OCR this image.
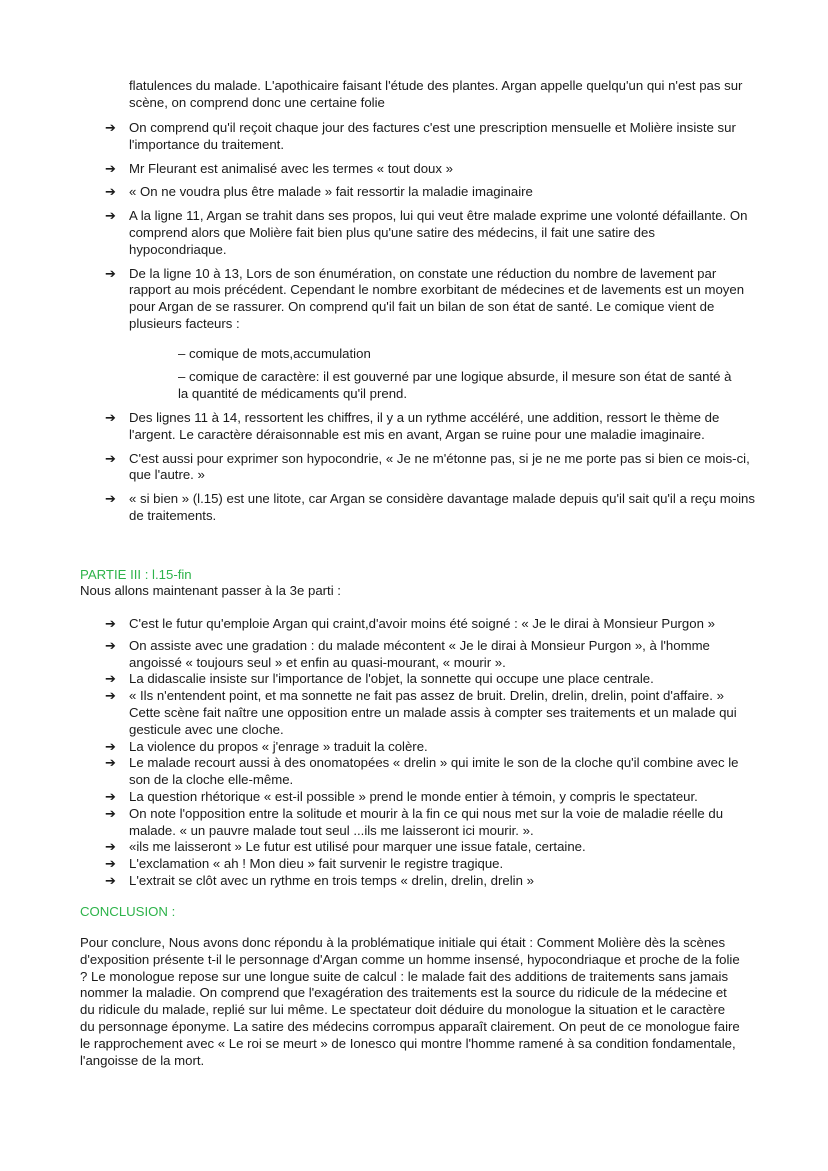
flatulences du malade. L'apothicaire faisant l'étude des plantes. Argan appelle quelqu'un qui n'est pas sur scène, on comprend donc une certaine folie
➔ On comprend qu'il reçoit chaque jour des factures c'est une prescription mensuelle et Molière insiste sur l'importance du traitement.
➔ Mr Fleurant est animalisé avec les termes « tout doux »
➔ « On ne voudra plus être malade » fait ressortir la maladie imaginaire
➔ A la ligne 11, Argan se trahit dans ses propos, lui qui veut être malade exprime une volonté défaillante. On comprend alors que Molière fait bien plus qu'une satire des médecins, il fait une satire des hypocondriaque.
➔ De la ligne 10 à 13, Lors de son énumération, on constate une réduction du nombre de lavement par rapport au mois précédent. Cependant le nombre exorbitant de médecines et de lavements est un moyen pour Argan de se rassurer. On comprend qu'il fait un bilan de son état de santé. Le comique vient de plusieurs facteurs :
– comique de mots,accumulation
– comique de caractère: il est gouverné par une logique absurde, il mesure son état de santé à la quantité de médicaments qu'il prend.
➔ Des lignes 11 à 14, ressortent les chiffres, il y a un rythme accéléré, une addition, ressort le thème de l'argent. Le caractère déraisonnable est mis en avant, Argan se ruine pour une maladie imaginaire.
➔ C'est aussi pour exprimer son hypocondrie, « Je ne m'étonne pas, si je ne me porte pas si bien ce mois-ci, que l'autre. »
➔ « si bien » (l.15) est une litote, car Argan se considère davantage malade depuis qu'il sait qu'il a reçu moins de traitements.
PARTIE III : l.15-fin
Nous allons maintenant passer à la 3e parti :
➔ C'est le futur qu'emploie Argan qui craint,d'avoir moins été soigné : « Je le dirai à Monsieur Purgon »
➔ On assiste avec une gradation : du malade mécontent « Je le dirai à Monsieur Purgon », à l'homme angoissé « toujours seul » et enfin au quasi-mourant, « mourir ».
➔ La didascalie insiste sur l'importance de l'objet, la sonnette qui occupe une place centrale.
➔ « Ils n'entendent point, et ma sonnette ne fait pas assez de bruit. Drelin, drelin, drelin, point d'affaire. » Cette scène fait naître une opposition entre un malade assis à compter ses traitements et un malade qui gesticule avec une cloche.
➔ La violence du propos « j'enrage » traduit la colère.
➔ Le malade recourt aussi à des onomatopées « drelin » qui imite le son de la cloche qu'il combine avec le son de la cloche elle-même.
➔ La question rhétorique « est-il possible » prend le monde entier à témoin, y compris le spectateur.
➔ On note l'opposition entre la solitude et mourir à la fin ce qui nous met sur la voie de maladie réelle du malade. « un pauvre malade tout seul ...ils me laisseront ici mourir. ».
➔ «ils me laisseront » Le futur est utilisé pour marquer une issue fatale, certaine.
➔ L'exclamation « ah ! Mon dieu » fait survenir le registre tragique.
➔ L'extrait se clôt avec un rythme en trois temps « drelin, drelin, drelin »
CONCLUSION :
Pour conclure, Nous avons donc répondu à la problématique initiale qui était : Comment Molière dès la scènes d'exposition présente t-il le personnage d'Argan comme un homme insensé, hypocondriaque et proche de la folie ? Le monologue repose sur une longue suite de calcul : le malade fait des additions de traitements sans jamais nommer la maladie. On comprend que l'exagération des traitements est la source du ridicule de la médecine et du ridicule du malade, replié sur lui même. Le spectateur doit déduire du monologue la situation et le caractère du personnage éponyme. La satire des médecins corrompus apparaît clairement. On peut de ce monologue faire le rapprochement avec « Le roi se meurt » de Ionesco qui montre l'homme ramené à sa condition fondamentale, l'angoisse de la mort.
